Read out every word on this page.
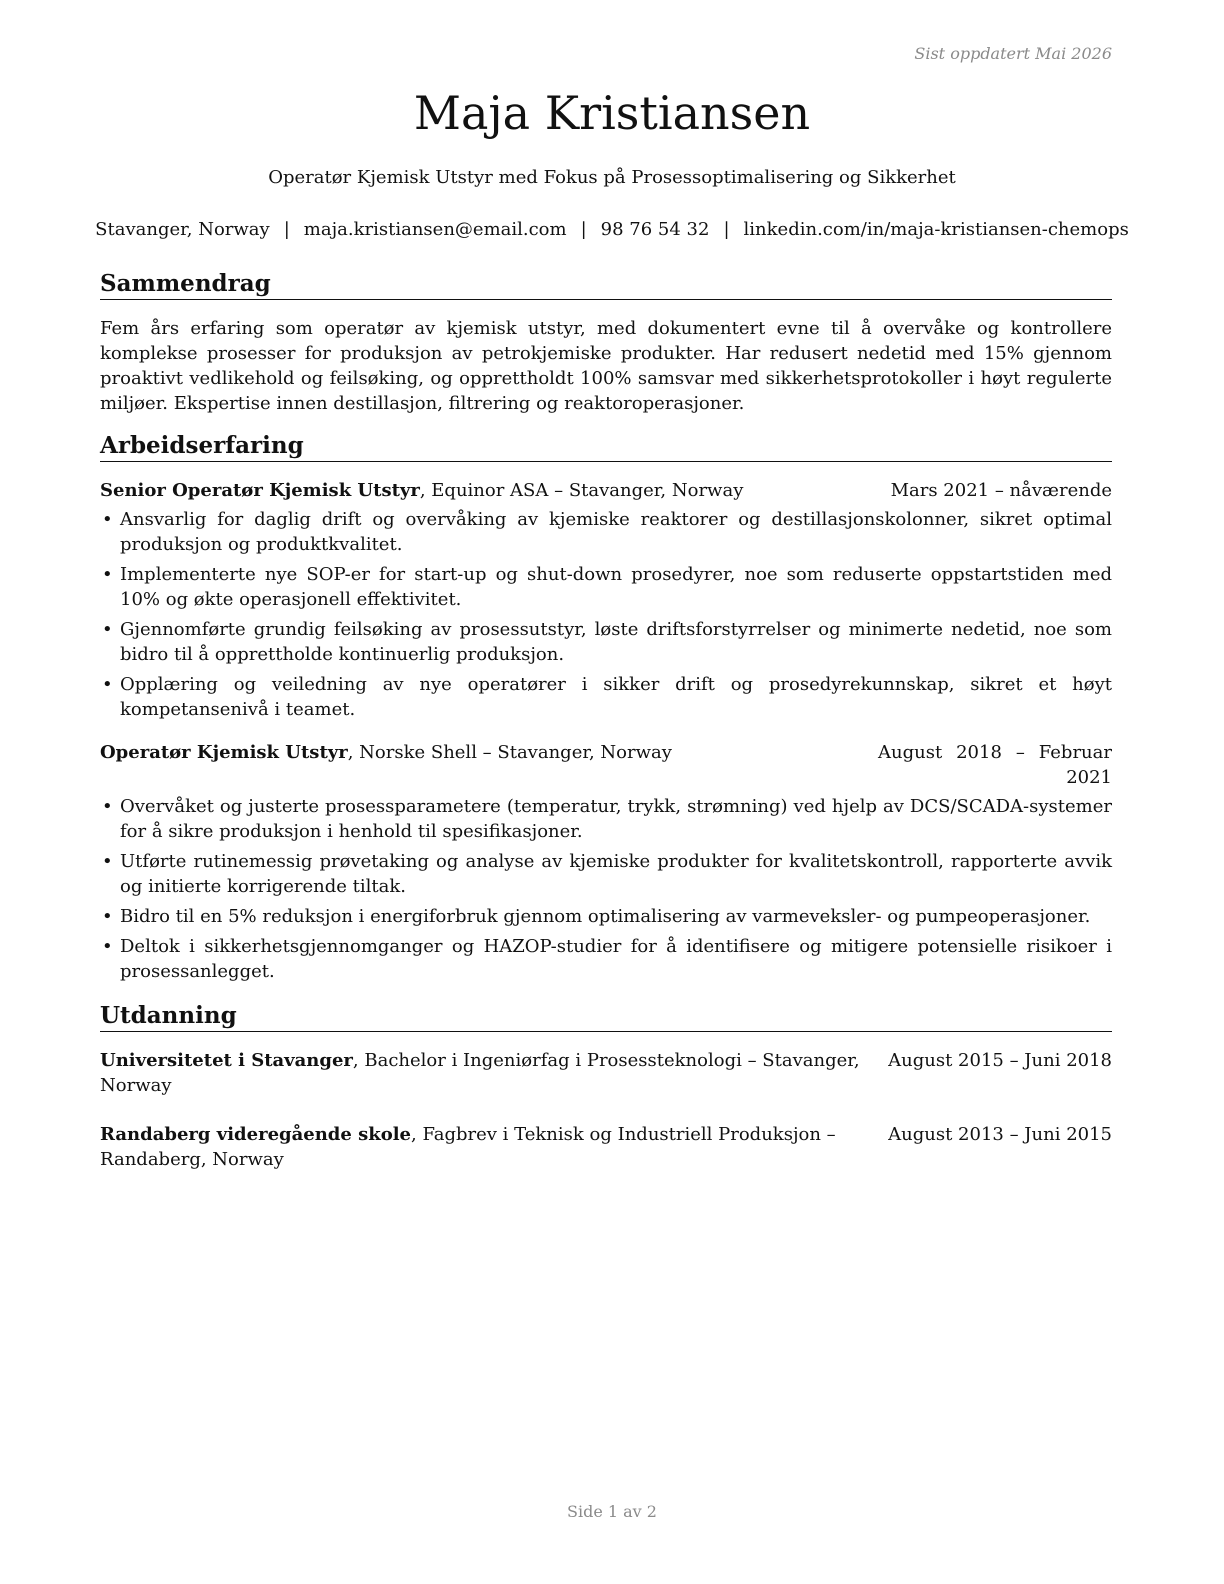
Sist oppdatert Mai 2026
Maja Kristiansen
Operatør Kjemisk Utstyr med Fokus på Prosessoptimalisering og Sikkerhet
Stavanger, Norway | maja.kristiansen@email.com | 98 76 54 32 | linkedin.com/in/maja-kristiansen-chemops
Sammendrag

Fem års erfaring som operatør av kjemisk utstyr, med dokumentert evne til å overvåke og kontrollere komplekse prosesser for produksjon av petrokjemiske produkter. Har redusert nedetid med 15% gjennom proaktivt vedlikehold og feilsøking, og opprettholdt 100% samsvar med sikkerhetsprotokoller i høyt regulerte miljøer. Ekspertise innen destillasjon, filtrering og reaktoroperasjoner.

Arbeidserfaring
Senior Operatør Kjemisk Utstyr, Equinor ASA – Stavanger, Norway	Mars 2021 – nåværende
• Ansvarlig for daglig drift og overvåking av kjemiske reaktorer og destillasjonskolonner, sikret optimal produksjon og produktkvalitet.
• Implementerte nye SOP-er for start-up og shut-down prosedyrer, noe som reduserte oppstartstiden med 10% og økte operasjonell effektivitet.
• Gjennomførte grundig feilsøking av prosessutstyr, løste driftsforstyrrelser og minimerte nedetid, noe som bidro til å opprettholde kontinuerlig produksjon.
• Opplæring og veiledning av nye operatører i sikker drift og prosedyrekunnskap, sikret et høyt kompetansenivå i teamet.
Operatør Kjemisk Utstyr, Norske Shell – Stavanger, Norway	August 2018 – Februar 2021
• Overvåket og justerte prosessparametere (temperatur, trykk, strømning) ved hjelp av DCS/SCADA-systemer for å sikre produksjon i henhold til spesifikasjoner.
• Utførte rutinemessig prøvetaking og analyse av kjemiske produkter for kvalitetskontroll, rapporterte avvik og initierte korrigerende tiltak.
• Bidro til en 5% reduksjon i energiforbruk gjennom optimalisering av varmeveksler- og pumpeoperasjoner.
• Deltok i sikkerhetsgjennomganger og HAZOP-studier for å identifisere og mitigere potensielle risikoer i prosessanlegget.
Utdanning
Universitetet i Stavanger, Bachelor i Ingeniørfag i Prosessteknologi – Stavanger, Norway
August 2015 – Juni 2018
Randaberg videregående skole, Fagbrev i Teknisk og Industriell Produksjon – Randaberg, Norway
August 2013 – Juni 2015
Side 1 av 2
